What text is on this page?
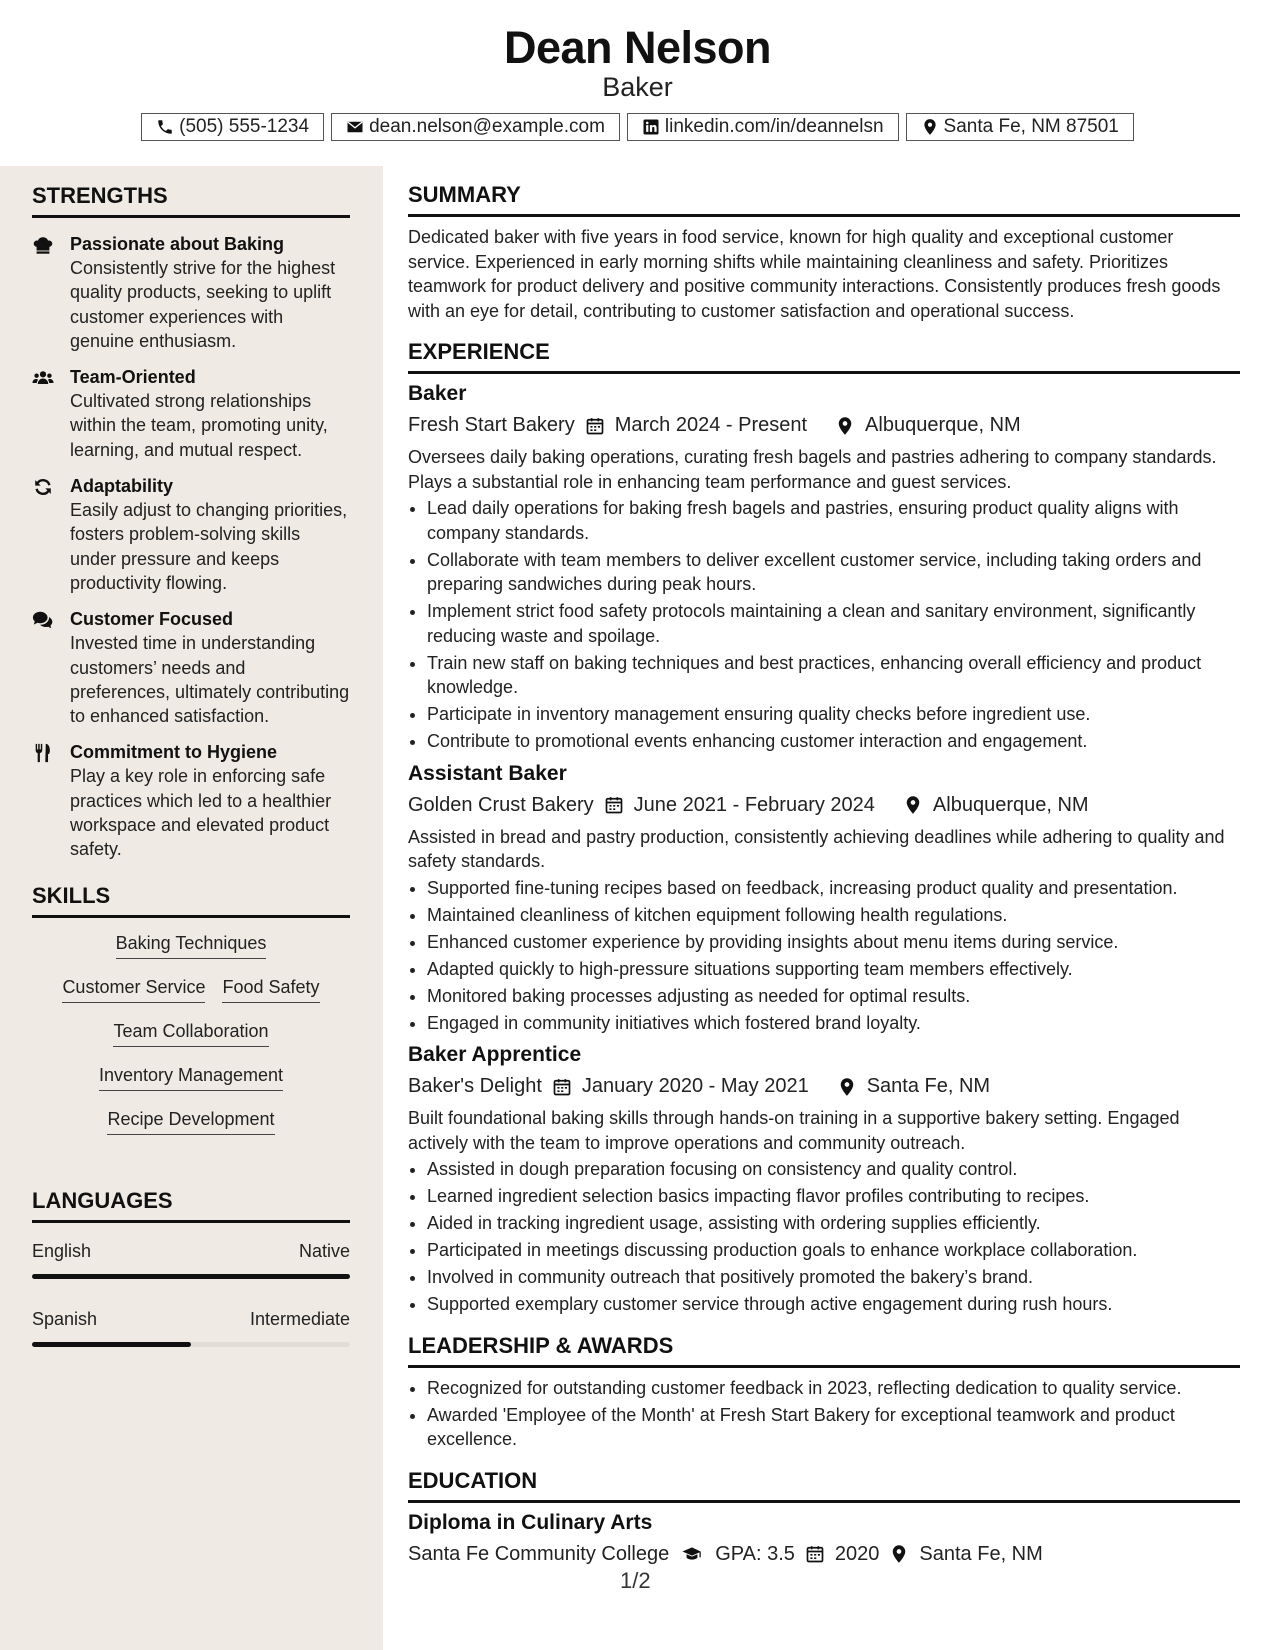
Dean Nelson
Baker
(505) 555-1234	dean.nelson@example.com	linkedin.com/in/deannelsn	Santa Fe, NM 87501
STRENGTHS
Passionate about Baking
Consistently strive for the highest quality products, seeking to uplift customer experiences with genuine enthusiasm.
Team-Oriented
Cultivated strong relationships within the team, promoting unity, learning, and mutual respect.
Adaptability
Easily adjust to changing priorities, fosters problem-solving skills under pressure and keeps productivity flowing.
Customer Focused
Invested time in understanding customers’ needs and preferences, ultimately contributing to enhanced satisfaction.
Commitment to Hygiene
Play a key role in enforcing safe practices which led to a healthier workspace and elevated product safety.
SKILLS
Baking Techniques
Customer Service Food Safety
Team Collaboration
Inventory Management
Recipe Development
LANGUAGES
English	Native
Spanish	Intermediate
SUMMARY
Dedicated baker with five years in food service, known for high quality and exceptional customer service. Experienced in early morning shifts while maintaining cleanliness and safety. Prioritizes teamwork for product delivery and positive community interactions. Consistently produces fresh goods with an eye for detail, contributing to customer satisfaction and operational success.
EXPERIENCE
Baker
Fresh Start Bakery March 2024 - Present	Albuquerque, NM
Oversees daily baking operations, curating fresh bagels and pastries adhering to company standards. Plays a substantial role in enhancing team performance and guest services.
• Lead daily operations for baking fresh bagels and pastries, ensuring product quality aligns with company standards.
• Collaborate with team members to deliver excellent customer service, including taking orders and preparing sandwiches during peak hours.
• Implement strict food safety protocols maintaining a clean and sanitary environment, significantly reducing waste and spoilage.
• Train new staff on baking techniques and best practices, enhancing overall efficiency and product knowledge.
• Participate in inventory management ensuring quality checks before ingredient use.
• Contribute to promotional events enhancing customer interaction and engagement.
Assistant Baker
Golden Crust Bakery June 2021 - February 2024	Albuquerque, NM
Assisted in bread and pastry production, consistently achieving deadlines while adhering to quality and safety standards.
• Supported fine-tuning recipes based on feedback, increasing product quality and presentation.
• Maintained cleanliness of kitchen equipment following health regulations.
• Enhanced customer experience by providing insights about menu items during service.
• Adapted quickly to high-pressure situations supporting team members effectively.
• Monitored baking processes adjusting as needed for optimal results.
• Engaged in community initiatives which fostered brand loyalty.
Baker Apprentice
Baker's Delight January 2020 - May 2021	Santa Fe, NM
Built foundational baking skills through hands-on training in a supportive bakery setting. Engaged actively with the team to improve operations and community outreach.
• Assisted in dough preparation focusing on consistency and quality control.
• Learned ingredient selection basics impacting flavor profiles contributing to recipes.
• Aided in tracking ingredient usage, assisting with ordering supplies efficiently.
• Participated in meetings discussing production goals to enhance workplace collaboration.
• Involved in community outreach that positively promoted the bakery’s brand.
• Supported exemplary customer service through active engagement during rush hours.
LEADERSHIP & AWARDS
• Recognized for outstanding customer feedback in 2023, reflecting dedication to quality service.
• Awarded 'Employee of the Month' at Fresh Start Bakery for exceptional teamwork and product excellence.
EDUCATION
Diploma in Culinary Arts
Santa Fe Community College GPA: 3.5 2020 Santa Fe, NM
1/2
